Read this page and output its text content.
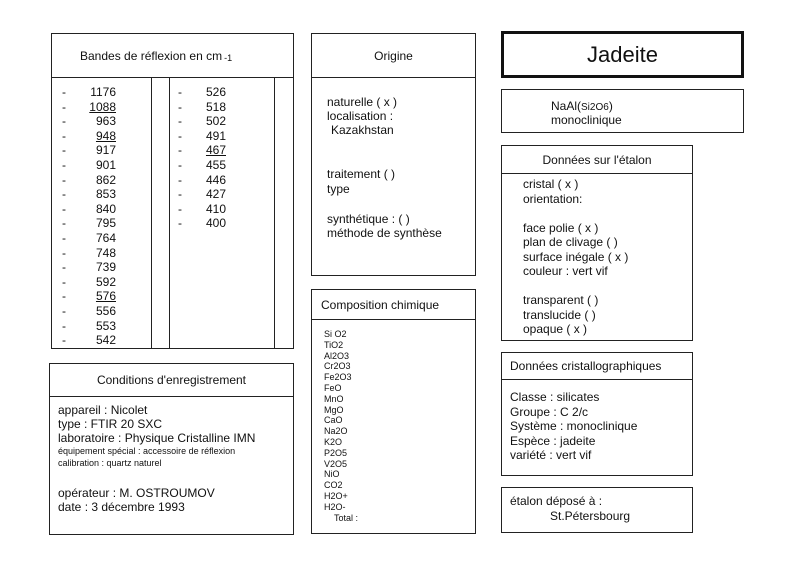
Bandes de réflexion en cm -1
- 1176
- 1088
- 963
- 948
- 917
- 901
- 862
- 853
- 840
- 795
- 764
- 748
- 739
- 592
- 576
- 556
- 553
- 542
- 526
- 518
- 502
- 491
- 467
- 455
- 446
- 427
- 410
- 400
Origine
naturelle ( x )
localisation :
Kazakhstan
traitement ( )
type
synthétique : ( )
méthode de synthèse
Jadeite
NaAl(Si2O6)
monoclinique
Données sur l'étalon
cristal ( x )
orientation:
face polie ( x )
plan de clivage ( )
surface inégale ( x )
couleur : vert vif
transparent ( )
translucide ( )
opaque ( x )
Composition chimique
Si O2
TiO2
Al2O3
Cr2O3
Fe2O3
FeO
MnO
MgO
CaO
Na2O
K2O
P2O5
V2O5
NiO
CO2
H2O+
H2O-
Total :
Conditions d'enregistrement
appareil : Nicolet
type : FTIR 20 SXC
laboratoire : Physique Cristalline IMN
équipement spécial : accessoire de réflexion
calibration : quartz naturel
opérateur : M. OSTROUMOV
date : 3 décembre 1993
Données cristallographiques
Classe : silicates
Groupe : C 2/c
Système : monoclinique
Espèce : jadeite
variété : vert vif
étalon déposé à :
St.Pétersbourg
